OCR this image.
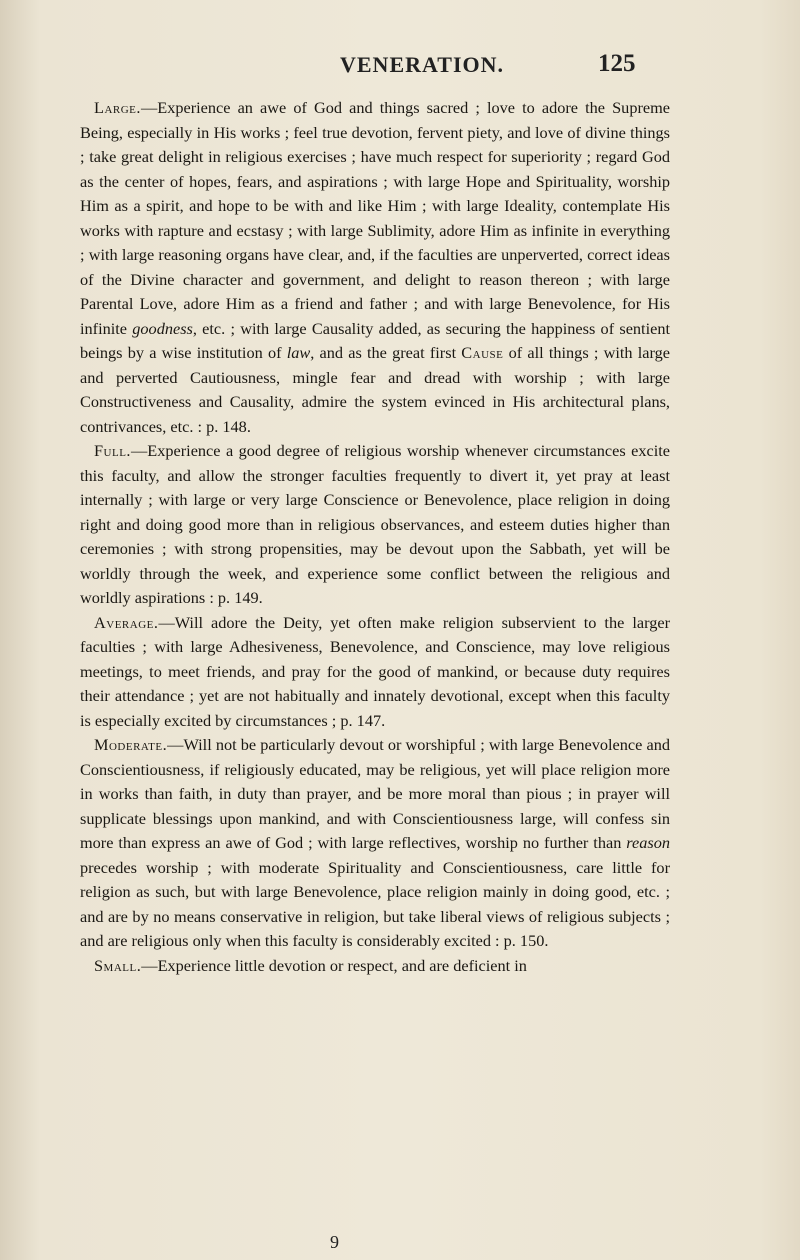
VENERATION.	125

Large.—Experience an awe of God and things sacred ; love to adore the Supreme Being, especially in His works ; feel true devotion, fervent piety, and love of divine things ; take great delight in religious exercises ; have much respect for superiority ; regard God as the center of hopes, fears, and aspirations ; with large Hope and Spirituality, worship Him as a spirit, and hope to be with and like Him ; with large Ideality, contemplate His works with rapture and ecstasy ; with large Sublimity, adore Him as infinite in everything ; with large reasoning organs have clear, and, if the faculties are unperverted, correct ideas of the Divine character and government, and delight to reason thereon ; with large Parental Love, adore Him as a friend and father ; and with large Benevolence, for His infinite goodness, etc. ; with large Causality added, as securing the happiness of sentient beings by a wise institution of law, and as the great first Cause of all things ; with large and perverted Cautiousness, mingle fear and dread with worship ; with large Constructiveness and Causality, admire the system evinced in His architectural plans, contrivances, etc. : p. 148.

Full.—Experience a good degree of religious worship whenever circumstances excite this faculty, and allow the stronger faculties frequently to divert it, yet pray at least internally ; with large or very large Conscience or Benevolence, place religion in doing right and doing good more than in religious observances, and esteem duties higher than ceremonies ; with strong propensities, may be devout upon the Sabbath, yet will be worldly through the week, and experience some conflict between the religious and worldly aspirations : p. 149.

Average.—Will adore the Deity, yet often make religion subservient to the larger faculties ; with large Adhesiveness, Benevolence, and Conscience, may love religious meetings, to meet friends, and pray for the good of mankind, or because duty requires their attendance ; yet are not habitually and innately devotional, except when this faculty is especially excited by circumstances ; p. 147.

Moderate.—Will not be particularly devout or worshipful ; with large Benevolence and Conscientiousness, if religiously educated, may be religious, yet will place religion more in works than faith, in duty than prayer, and be more moral than pious ; in prayer will supplicate blessings upon mankind, and with Conscientiousness large, will confess sin more than express an awe of God ; with large reflectives, worship no further than reason precedes worship ; with moderate Spirituality and Conscientiousness, care little for religion as such, but with large Benevolence, place religion mainly in doing good, etc. ; and are by no means conservative in religion, but take liberal views of religious subjects ; and are religious only when this faculty is considerably excited : p. 150.

Small.—Experience little devotion or respect, and are deficient in

9
